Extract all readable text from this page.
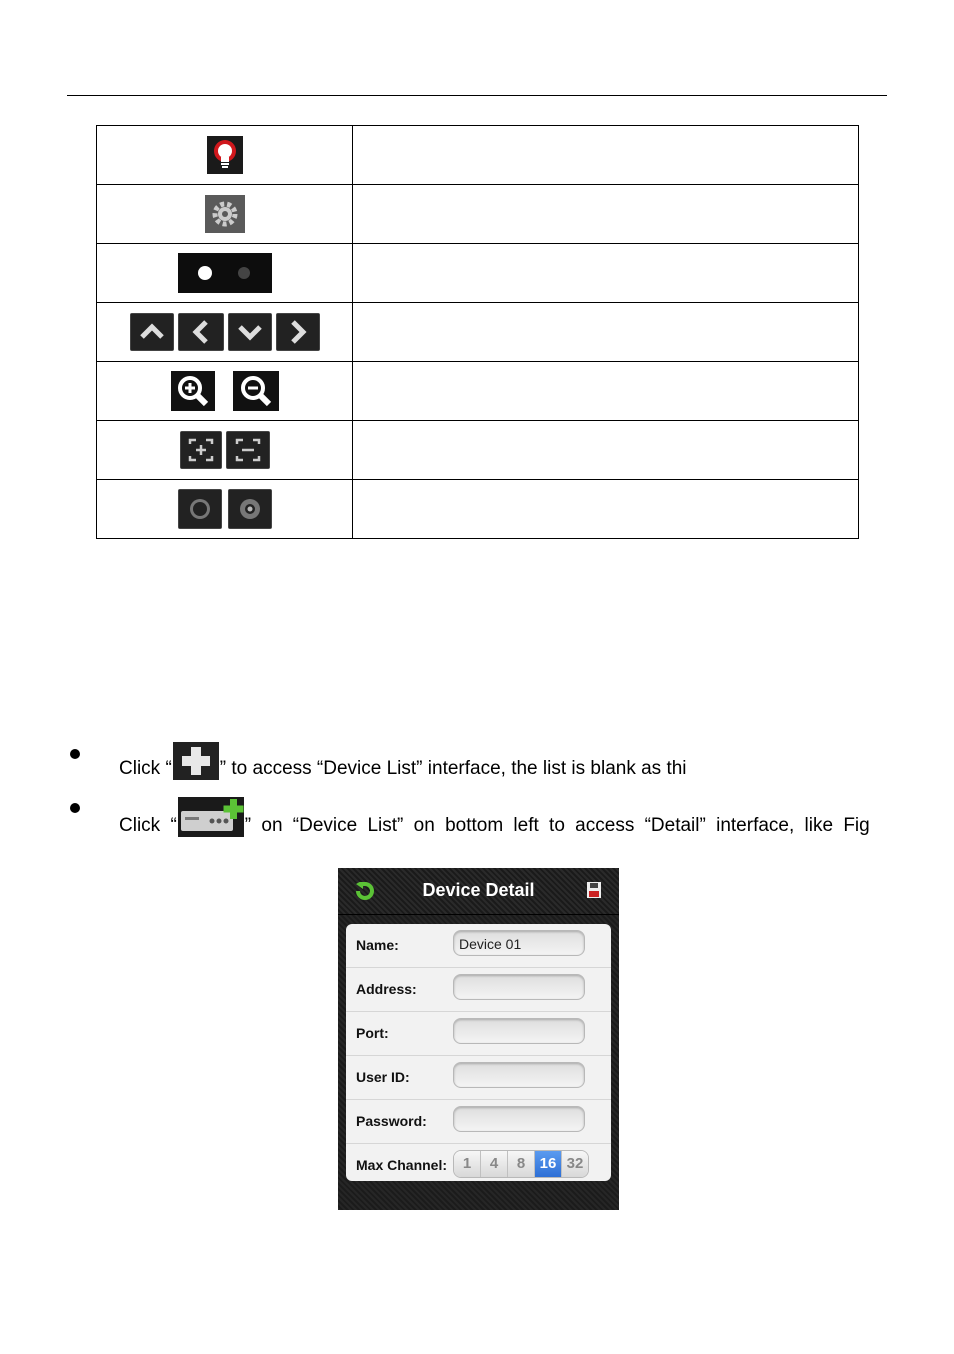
Click “	” to access “Device List” interface, the list is blank as thi
Click “	” on “Device List” on bottom left to access “Detail” interface, like Fig
Device Detail
Name:	Device 01
Address:
Port:
User ID:
Password:
Max Channel:	1	4	8 16 32
